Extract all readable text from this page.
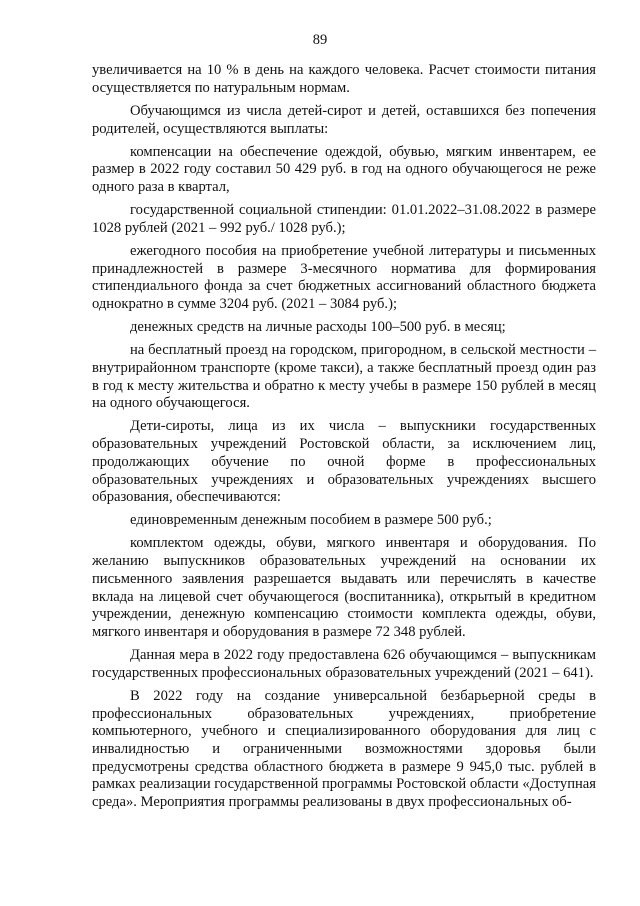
89

увеличивается на 10 % в день на каждого человека. Расчет стоимости питания осуществляется по натуральным нормам.

Обучающимся из числа детей-сирот и детей, оставшихся без попечения родителей, осуществляются выплаты:

компенсации на обеспечение одеждой, обувью, мягким инвентарем, ее размер в 2022 году составил 50 429 руб. в год на одного обучающегося не реже одного раза в квартал,

государственной социальной стипендии: 01.01.2022–31.08.2022 в размере 1028 рублей (2021 – 992 руб./ 1028 руб.);

ежегодного пособия на приобретение учебной литературы и письменных принадлежностей в размере 3-месячного норматива для формирования стипендиального фонда за счет бюджетных ассигнований областного бюджета однократно в сумме 3204 руб. (2021 – 3084 руб.);

денежных средств на личные расходы 100–500 руб. в месяц;

на бесплатный проезд на городском, пригородном, в сельской местности – внутрирайонном транспорте (кроме такси), а также бесплатный проезд один раз в год к месту жительства и обратно к месту учебы в размере 150 рублей в месяц на одного обучающегося.

Дети-сироты, лица из их числа – выпускники государственных образовательных учреждений Ростовской области, за исключением лиц, продолжающих обучение по очной форме в профессиональных образовательных учреждениях и образовательных учреждениях высшего образования, обеспечиваются:

единовременным денежным пособием в размере 500 руб.;

комплектом одежды, обуви, мягкого инвентаря и оборудования. По желанию выпускников образовательных учреждений на основании их письменного заявления разрешается выдавать или перечислять в качестве вклада на лицевой счет обучающегося (воспитанника), открытый в кредитном учреждении, денежную компенсацию стоимости комплекта одежды, обуви, мягкого инвентаря и оборудования в размере 72 348 рублей.

Данная мера в 2022 году предоставлена 626 обучающимся – выпускникам государственных профессиональных образовательных учреждений (2021 – 641).

В 2022 году на создание универсальной безбарьерной среды в профессиональных образовательных учреждениях, приобретение компьютерного, учебного и специализированного оборудования для лиц с инвалидностью и ограниченными возможностями здоровья были предусмотрены средства областного бюджета в размере 9 945,0 тыс. рублей в рамках реализации государственной программы Ростовской области «Доступная среда». Мероприятия программы реализованы в двух профессиональных об-
